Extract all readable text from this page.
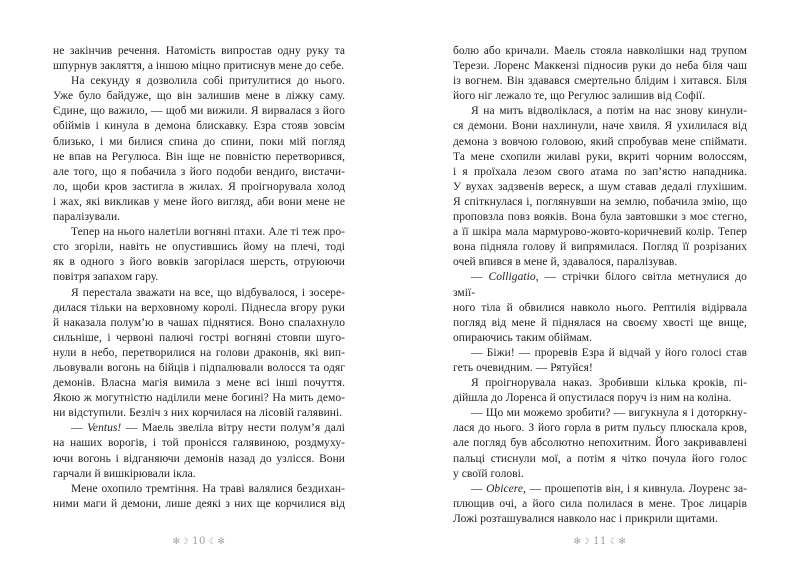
не закінчив речення. Натомість випростав одну руку та
шпурнув закляття, а іншою міцно притиснув мене до себе.
На секунду я дозволила собі притулитися до нього.
Уже було байдуже, що він залишив мене в ліжку саму.
Єдине, що важило, — щоб ми вижили. Я вирвалася з його
обіймів і кинула в демона блискавку. Езра стояв зовсім
близько, і ми билися спина до спини, поки мій погляд
не впав на Регулюса. Він іще не повністю перетворився,
але того, що я побачила з його подоби вендиґо, вистачи-
ло, щоби кров застигла в жилах. Я проігнорувала холод
і жах, які викликав у мене його вигляд, аби вони мене не
паралізували.
Тепер на нього налетіли вогняні птахи. Але ті теж про-
сто згоріли, навіть не опустившись йому на плечі, тоді
як в одного з його вовків загорілася шерсть, отруюючи
повітря запахом гару.
Я перестала зважати на все, що відбувалося, і зосере-
дилася тільки на верховному королі. Піднесла вгору руки
й наказала полум’ю в чашах піднятися. Воно спалахнуло
сильніше, і червоні палючі гострі вогняні стовпи шуго-
нули в небо, перетворилися на голови драконів, які вип-
льовували вогонь на бійців і підпалювали волосся та одяг
демонів. Власна магія вимила з мене всі інші почуття.
Якою ж могутністю наділили мене богині? На мить демо-
ни відступили. Безліч з них корчилася на лісовій галявині.
— Ventus! — Маель звеліла вітру нести полум’я далі
на наших ворогів, і той пронісся галявиною, роздмуху-
ючи вогонь і відганяючи демонів назад до узлісся. Вони
гарчали й вишкірювали ікла.
Мене охопило тремтіння. На траві валялися бездихан-
ними маги й демони, лише деякі з них ще корчилися від
✻☽ 10 ☾✻
болю або кричали. Маель стояла навколішки над трупом
Терези. Лоренс Маккензі підносив руки до неба біля чаш
із вогнем. Він здавався смертельно блідим і хитався. Біля
його ніг лежало те, що Регулюс залишив від Софії.
Я на мить відволіклася, а потім на нас знову кинули-
ся демони. Вони нахлинули, наче хвиля. Я ухилилася від
демона з вовчою головою, який спробував мене спіймати.
Та мене схопили жилаві руки, вкриті чорним волоссям,
і я проїхала лезом свого атама по зап’ястю нападника.
У вухах задзвенів вереск, а шум ставав дедалі глухішим.
Я спіткнулася і, поглянувши на землю, побачила змію, що
проповзла повз вояків. Вона була завтовшки з моє стегно,
а її шкіра мала мармурово-жовто-коричневий колір. Тепер
вона підняла голову й випрямилася. Погляд її розрізаних
очей впився в мене й, здавалося, паралізував.
— Colligatio, — стрічки білого світла метнулися до змії-
ного тіла й обвилися навколо нього. Рептилія відірвала
погляд від мене й піднялася на своєму хвості ще вище,
опираючись таким обіймам.
— Біжи! — проревів Езра й відчай у його голосі став
геть очевидним. — Рятуйся!
Я проігнорувала наказ. Зробивши кілька кроків, пі-
дійшла до Лоренса й опустилася поруч із ним на коліна.
— Що ми можемо зробити? — вигукнула я і доторкну-
лася до нього. З його горла в ритм пульсу плюскала кров,
але погляд був абсолютно непохитним. Його закривавлені
пальці стиснули мої, а потім я чітко почула його голос
у своїй голові.
— Obicere, — прошепотів він, і я кивнула. Лоуренс за-
плющив очі, а його сила полилася в мене. Троє лицарів
Ложі розташувалися навколо нас і прикрили щитами.
✻☽ 11 ☾✻
